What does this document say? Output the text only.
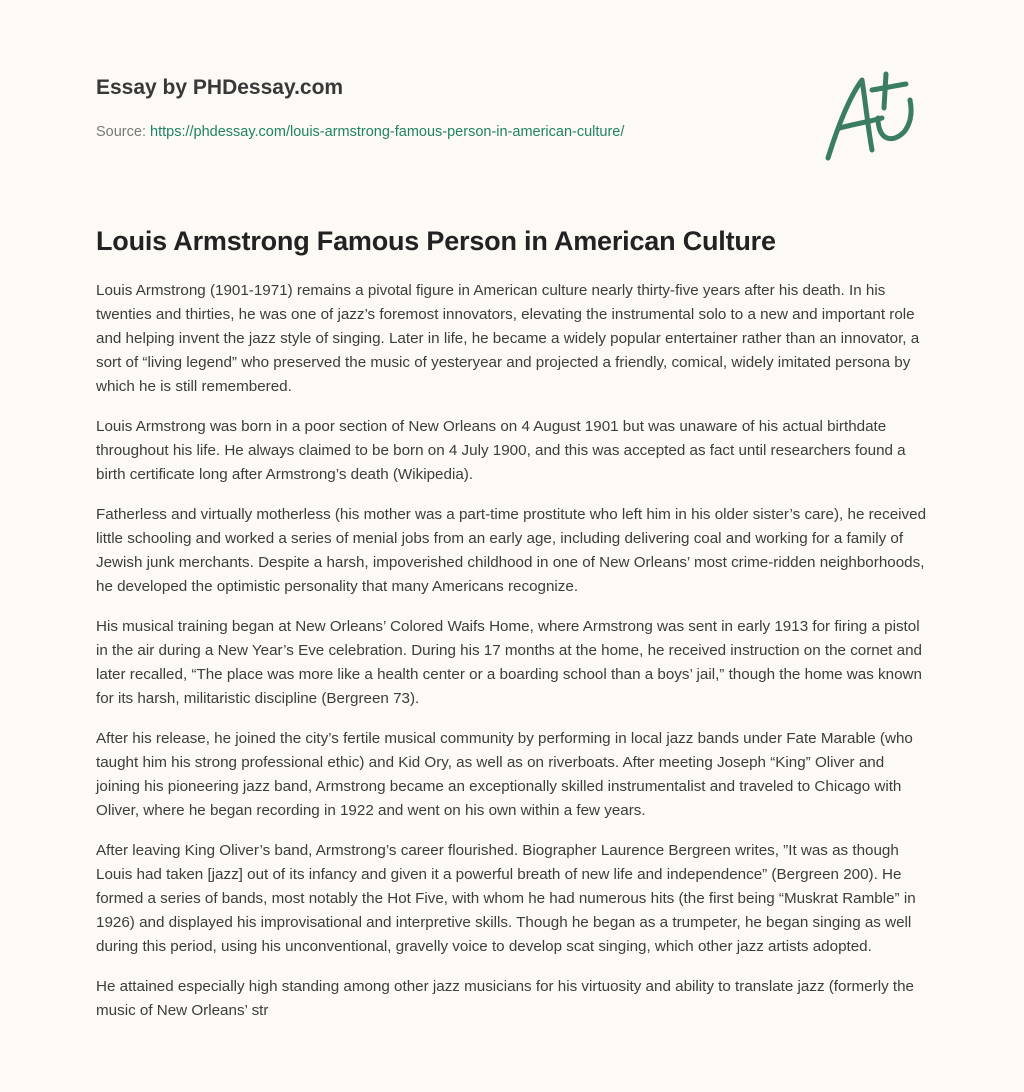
Essay by PHDessay.com
Source: https://phdessay.com/louis-armstrong-famous-person-in-american-culture/
Louis Armstrong Famous Person in American Culture

Louis Armstrong (1901-1971) remains a pivotal figure in American culture nearly thirty-five years after his death. In his twenties and thirties, he was one of jazz’s foremost innovators, elevating the instrumental solo to a new and important role and helping invent the jazz style of singing. Later in life, he became a widely popular entertainer rather than an innovator, a sort of “living legend” who preserved the music of yesteryear and projected a friendly, comical, widely imitated persona by which he is still remembered.

Louis Armstrong was born in a poor section of New Orleans on 4 August 1901 but was unaware of his actual birthdate throughout his life. He always claimed to be born on 4 July 1900, and this was accepted as fact until researchers found a birth certificate long after Armstrong’s death (Wikipedia).

Fatherless and virtually motherless (his mother was a part-time prostitute who left him in his older sister’s care), he received little schooling and worked a series of menial jobs from an early age, including delivering coal and working for a family of Jewish junk merchants. Despite a harsh, impoverished childhood in one of New Orleans’ most crime-ridden neighborhoods, he developed the optimistic personality that many Americans recognize.

His musical training began at New Orleans’ Colored Waifs Home, where Armstrong was sent in early 1913 for firing a pistol in the air during a New Year’s Eve celebration. During his 17 months at the home, he received instruction on the cornet and later recalled, “The place was more like a health center or a boarding school than a boys’ jail,” though the home was known for its harsh, militaristic discipline (Bergreen 73).

After his release, he joined the city’s fertile musical community by performing in local jazz bands under Fate Marable (who taught him his strong professional ethic) and Kid Ory, as well as on riverboats. After meeting Joseph “King” Oliver and joining his pioneering jazz band, Armstrong became an exceptionally skilled instrumentalist and traveled to Chicago with Oliver, where he began recording in 1922 and went on his own within a few years.

After leaving King Oliver’s band, Armstrong’s career flourished. Biographer Laurence Bergreen writes, ”It was as though Louis had taken [jazz] out of its infancy and given it a powerful breath of new life and independence” (Bergreen 200). He formed a series of bands, most notably the Hot Five, with whom he had numerous hits (the first being “Muskrat Ramble” in 1926) and displayed his improvisational and interpretive skills. Though he began as a trumpeter, he began singing as well during this period, using his unconventional, gravelly voice to develop scat singing, which other jazz artists adopted.

He attained especially high standing among other jazz musicians for his virtuosity and ability to translate jazz (formerly the music of New Orleans’ str
